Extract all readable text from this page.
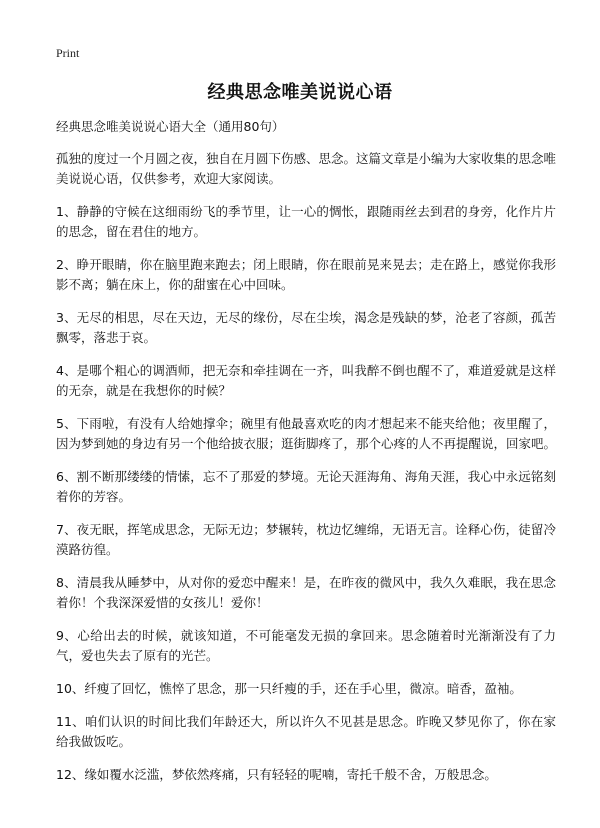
Print
经典思念唯美说说心语

经典思念唯美说说心语大全（通用80句）

孤独的度过一个月圆之夜，独自在月圆下伤感、思念。这篇文章是小编为大家收集的思念唯美说说心语，仅供参考，欢迎大家阅读。

1、静静的守候在这细雨纷飞的季节里，让一心的惆怅，跟随雨丝去到君的身旁，化作片片的思念，留在君住的地方。

2、睁开眼睛，你在脑里跑来跑去；闭上眼睛，你在眼前晃来晃去；走在路上，感觉你我形影不离；躺在床上，你的甜蜜在心中回味。

3、无尽的相思，尽在天边，无尽的缘份，尽在尘埃，渴念是残缺的梦，沧老了容颜，孤苦飘零，落悲于哀。

4、是哪个粗心的调酒师，把无奈和牵挂调在一齐，叫我醉不倒也醒不了，难道爱就是这样的无奈，就是在我想你的时候？

5、下雨啦，有没有人给她撑伞；碗里有他最喜欢吃的肉才想起来不能夹给他；夜里醒了，因为梦到她的身边有另一个他给披衣服；逛街脚疼了，那个心疼的人不再提醒说，回家吧。

6、割不断那缕缕的情愫，忘不了那爱的梦境。无论天涯海角、海角天涯，我心中永远铭刻着你的芳容。

7、夜无眠，挥笔成思念，无际无边；梦辗转，枕边忆缠绵，无语无言。诠释心伤，徒留冷漠路彷徨。

8、清晨我从睡梦中，从对你的爱恋中醒来！是，在昨夜的微风中，我久久难眠，我在思念着你！个我深深爱惜的女孩儿！爱你！

9、心给出去的时候，就该知道，不可能毫发无损的拿回来。思念随着时光渐渐没有了力气，爱也失去了原有的光芒。

10、纤瘦了回忆，憔悴了思念，那一只纤瘦的手，还在手心里，微凉。暗香，盈袖。

11、咱们认识的时间比我们年龄还大，所以许久不见甚是思念。昨晚又梦见你了，你在家给我做饭吃。

12、缘如覆水泛滥，梦依然疼痛，只有轻轻的呢喃，寄托千般不舍，万般思念。
